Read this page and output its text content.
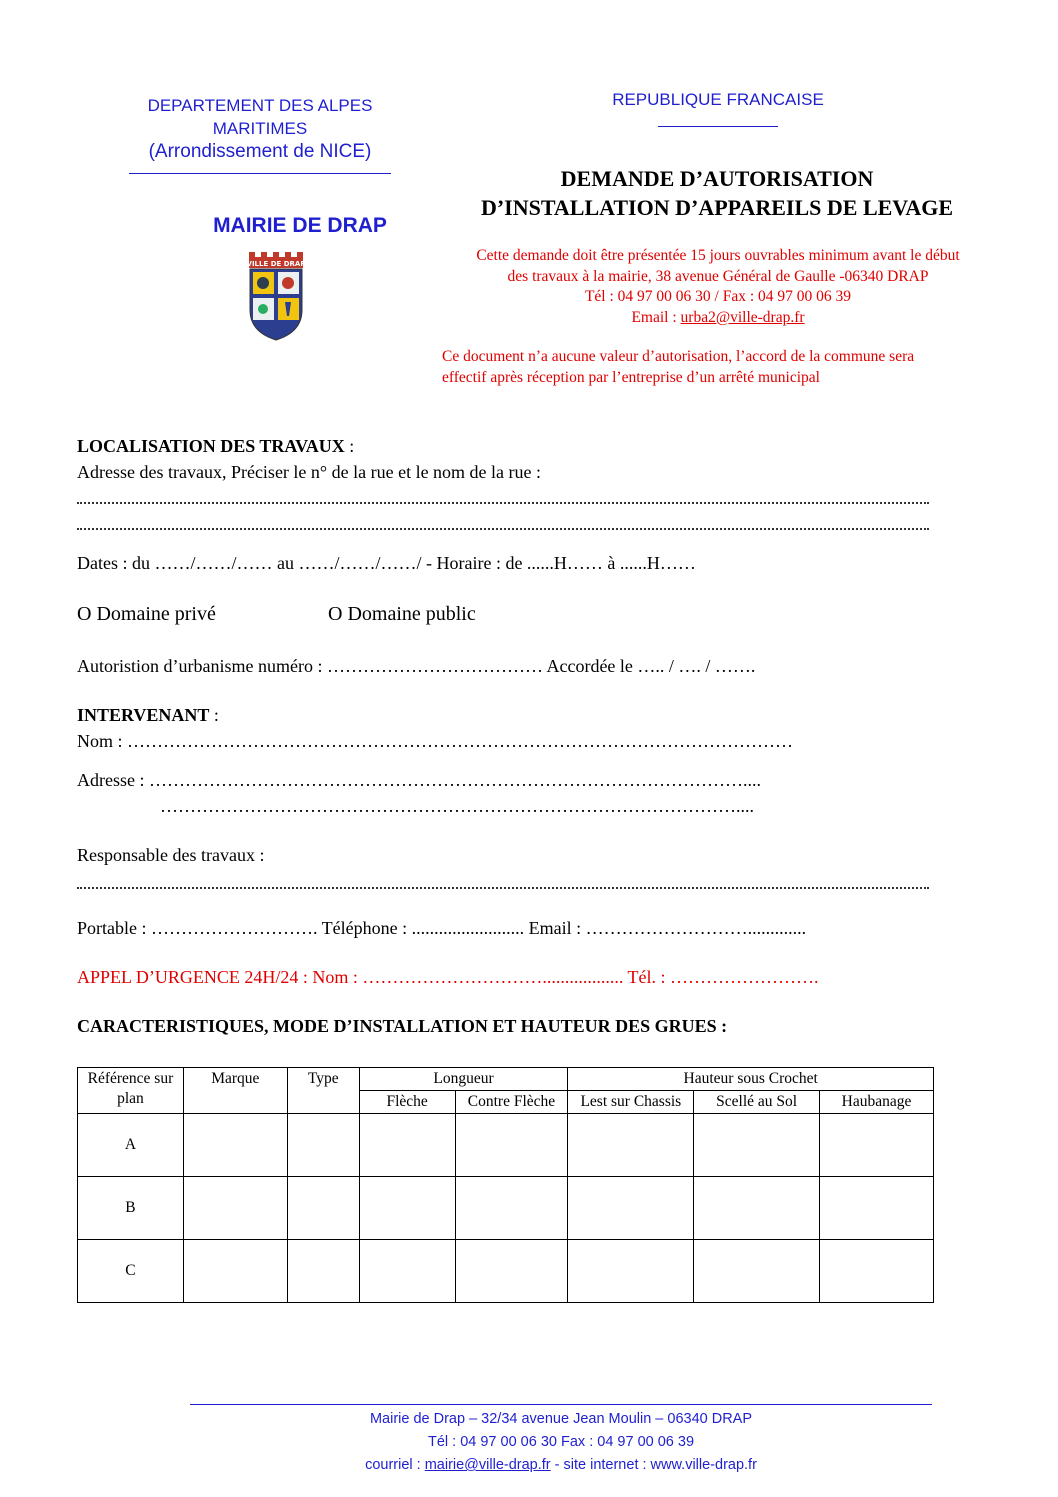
DEPARTEMENT DES ALPES
MARITIMES
(Arrondissement de NICE)
MAIRIE DE DRAP
VILLE DE DRAP
REPUBLIQUE FRANCAISE
DEMANDE D’AUTORISATION
D’INSTALLATION D’APPAREILS DE LEVAGE
Cette demande doit être présentée 15 jours ouvrables minimum avant le début
des travaux à la mairie, 38 avenue Général de Gaulle -06340 DRAP
Tél : 04 97 00 06 30 / Fax : 04 97 00 06 39
Email : urba2@ville-drap.fr
Ce document n’a aucune valeur d’autorisation, l’accord de la commune sera
effectif après réception par l’entreprise d’un arrêté municipal
LOCALISATION DES TRAVAUX :
Adresse des travaux, Préciser le n° de la rue et le nom de la rue :
Dates : du ……/……/…… au ……/……/……/ - Horaire : de ......H…… à ......H……
O Domaine privé	O Domaine public
Autoristion d’urbanisme numéro : ……………………………… Accordée le ….. / …. / …….
INTERVENANT :
Nom : …………………………………………………………………………………………………
Adresse : ………………………………………………………………………………………....
……………………………………………………………………………………....
Responsable des travaux :
Portable : ………………………. Téléphone : ......................... Email : ……………………….............
APPEL D’URGENCE 24H/24 : Nom : ………………………….................. Tél. : …………………….
CARACTERISTIQUES, MODE D’INSTALLATION ET HAUTEUR DES GRUES :
Référence sur plan	Marque	Type	Longueur		Hauteur sous Crochet		
			Flèche	Contre Flèche	Lest sur Chassis	Scellé au Sol	Haubanage
A							
B							
C							
Mairie de Drap – 32/34 avenue Jean Moulin – 06340 DRAP
Tél : 04 97 00 06 30 Fax : 04 97 00 06 39
courriel : mairie@ville-drap.fr - site internet : www.ville-drap.fr
